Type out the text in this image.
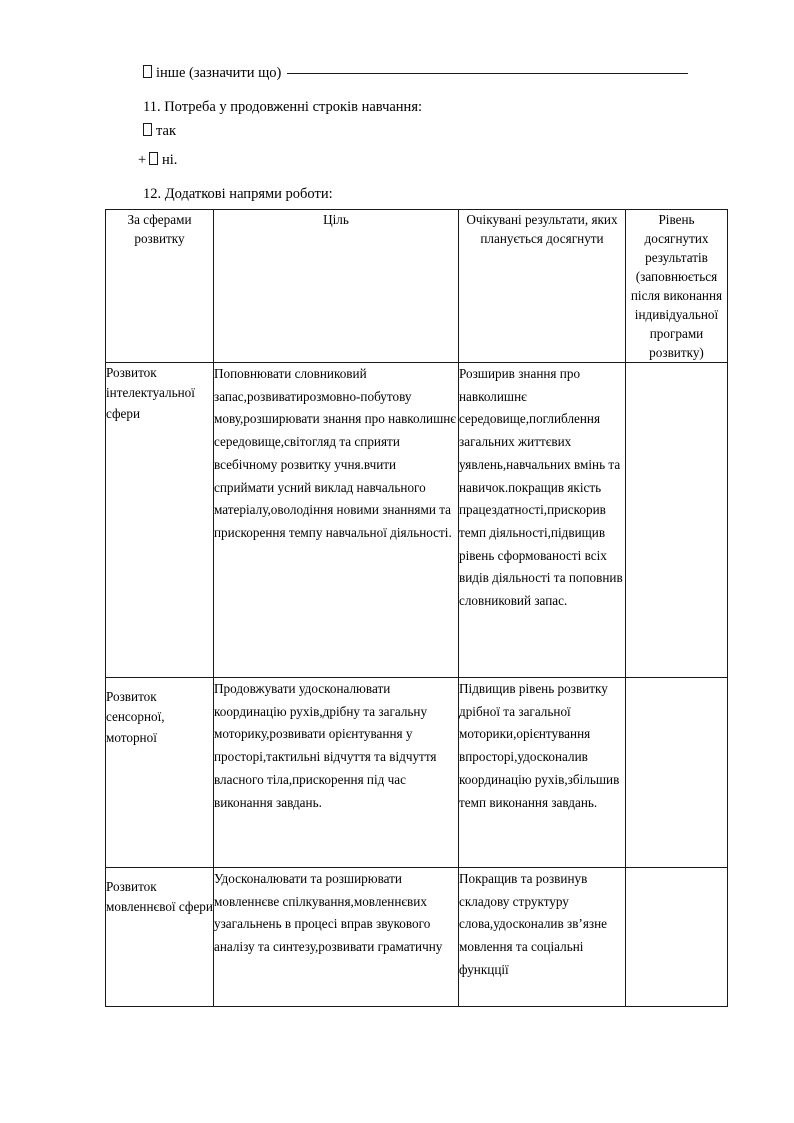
інше (зазначити що)
11. Потреба у продовженні строків навчання:
так
+ ні.
12. Додаткові напрями роботи:
За сферами розвитку	Ціль	Очікувані результати, яких планується досягнути	Рівень досягнутих результатів (заповнюється після виконання індивідуальної програми розвитку)
Розвиток інтелектуальної сфери	Поповнювати словниковий запас,розвиватирозмовно-побутову мову,розширювати знання про навколишнє середовище,світогляд та сприяти всебічному розвитку учня.вчити сприймати усний виклад навчального матеріалу,оволодіння новими знаннями та прискорення темпу навчальної діяльності.	Розширив знання про навколишнє середовище,поглиблення загальних життєвих уявлень,навчальних вмінь та навичок.покращив якість працездатності,прискорив темп діяльності,підвищив рівень сформованості всіх видів діяльності та поповнив словниковий запас.	
Розвиток сенсорної, моторної	Продовжувати удосконалювати координацію рухів,дрібну та загальну моторику,розвивати орієнтування у просторі,тактильні відчуття та відчуття власного тіла,прискорення під час виконання завдань.	Підвищив рівень розвитку дрібної та загальної моторики,орієнтування впросторі,удосконалив координацію рухів,збільшив темп виконання завдань.	
Розвиток мовленнєвої сфери	Удосконалювати та розширювати мовленнєве спілкування,мовленнєвих узагальнень в процесі вправ звукового аналізу та синтезу,розвивати граматичну	Покращив та розвинув складову структуру слова,удосконалив зв’язне мовлення та соціальні функцції	
